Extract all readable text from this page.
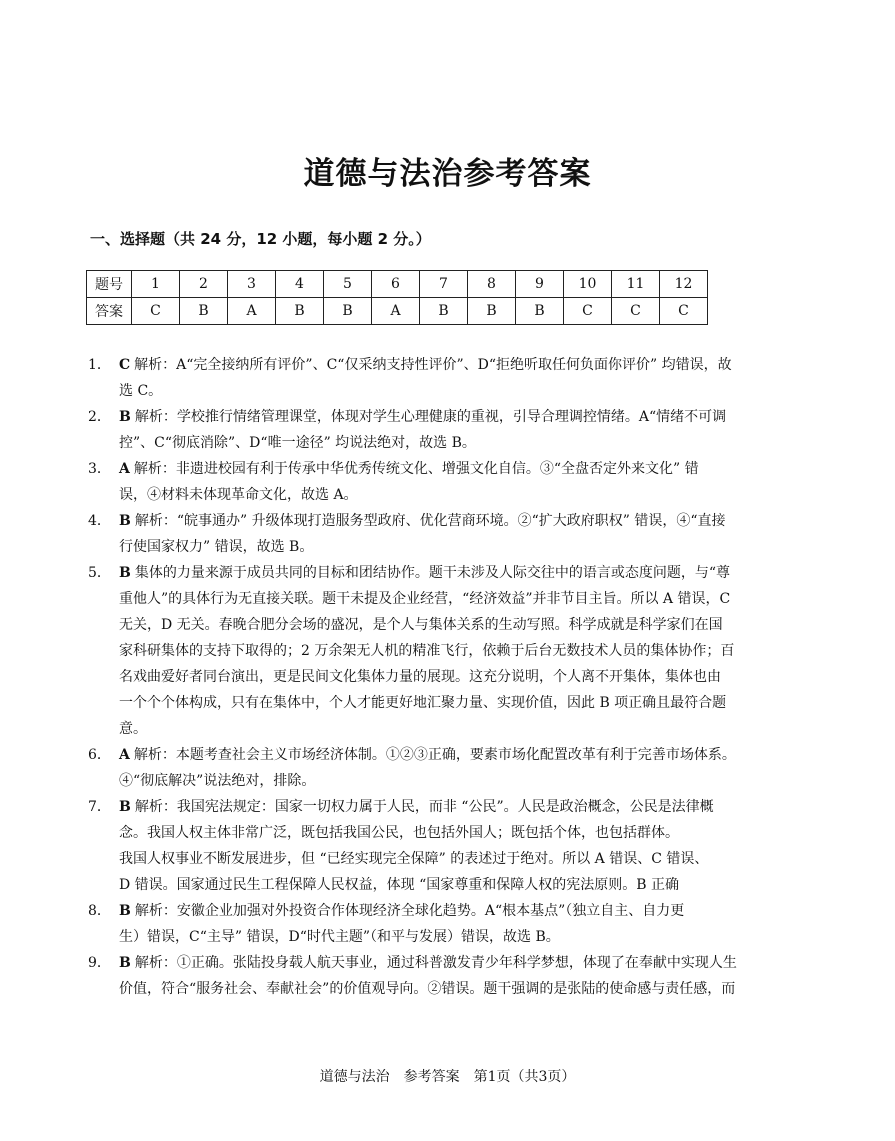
道德与法治参考答案
一、选择题（共 24 分，12 小题，每小题 2 分。）
题号	1	2	3	4	5	6	7	8	9	10	11	12
答案	C	B	A	B	B	A	B	B	B	C	C	C
1． C 解析：A“完全接纳所有评价”、C“仅采纳支持性评价”、D“拒绝听取任何负面你评价” 均错误，故
选 C。
2． B 解析：学校推行情绪管理课堂，体现对学生心理健康的重视，引导合理调控情绪。A“情绪不可调
控”、C“彻底消除”、D“唯一途径” 均说法绝对，故选 B。
3． A 解析：非遗进校园有利于传承中华优秀传统文化、增强文化自信。③“全盘否定外来文化” 错
误，④材料未体现革命文化，故选 A。
4． B 解析：“皖事通办” 升级体现打造服务型政府、优化营商环境。②“扩大政府职权” 错误，④“直接
行使国家权力” 错误，故选 B。
5． B 集体的力量来源于成员共同的目标和团结协作。题干未涉及人际交往中的语言或态度问题，与“尊
重他人”的具体行为无直接关联。题干未提及企业经营，“经济效益”并非节目主旨。所以 A 错误，C
无关，D 无关。春晚合肥分会场的盛况，是个人与集体关系的生动写照。科学成就是科学家们在国
家科研集体的支持下取得的；2 万余架无人机的精准飞行，依赖于后台无数技术人员的集体协作；百
名戏曲爱好者同台演出，更是民间文化集体力量的展现。这充分说明，个人离不开集体，集体也由
一个个个体构成，只有在集体中，个人才能更好地汇聚力量、实现价值，因此 B 项正确且最符合题
意。
6． A 解析：本题考查社会主义市场经济体制。①②③正确，要素市场化配置改革有利于完善市场体系。
④“彻底解决”说法绝对，排除。
7． B 解析：我国宪法规定：国家一切权力属于人民，而非 “公民”。人民是政治概念，公民是法律概
念。我国人权主体非常广泛，既包括我国公民，也包括外国人；既包括个体，也包括群体。
我国人权事业不断发展进步，但 “已经实现完全保障” 的表述过于绝对。所以 A 错误、C 错误、
D 错误。国家通过民生工程保障人民权益，体现 “国家尊重和保障人权的宪法原则。B 正确
8． B 解析：安徽企业加强对外投资合作体现经济全球化趋势。A“根本基点”（独立自主、自力更
生）错误，C“主导” 错误，D“时代主题”（和平与发展）错误，故选 B。
9． B 解析：①正确。张陆投身载人航天事业，通过科普激发青少年科学梦想，体现了在奉献中实现人生
价值，符合“服务社会、奉献社会”的价值观导向。②错误。题干强调的是张陆的使命感与责任感，而
道德与法治　参考答案　第1页（共3页）
